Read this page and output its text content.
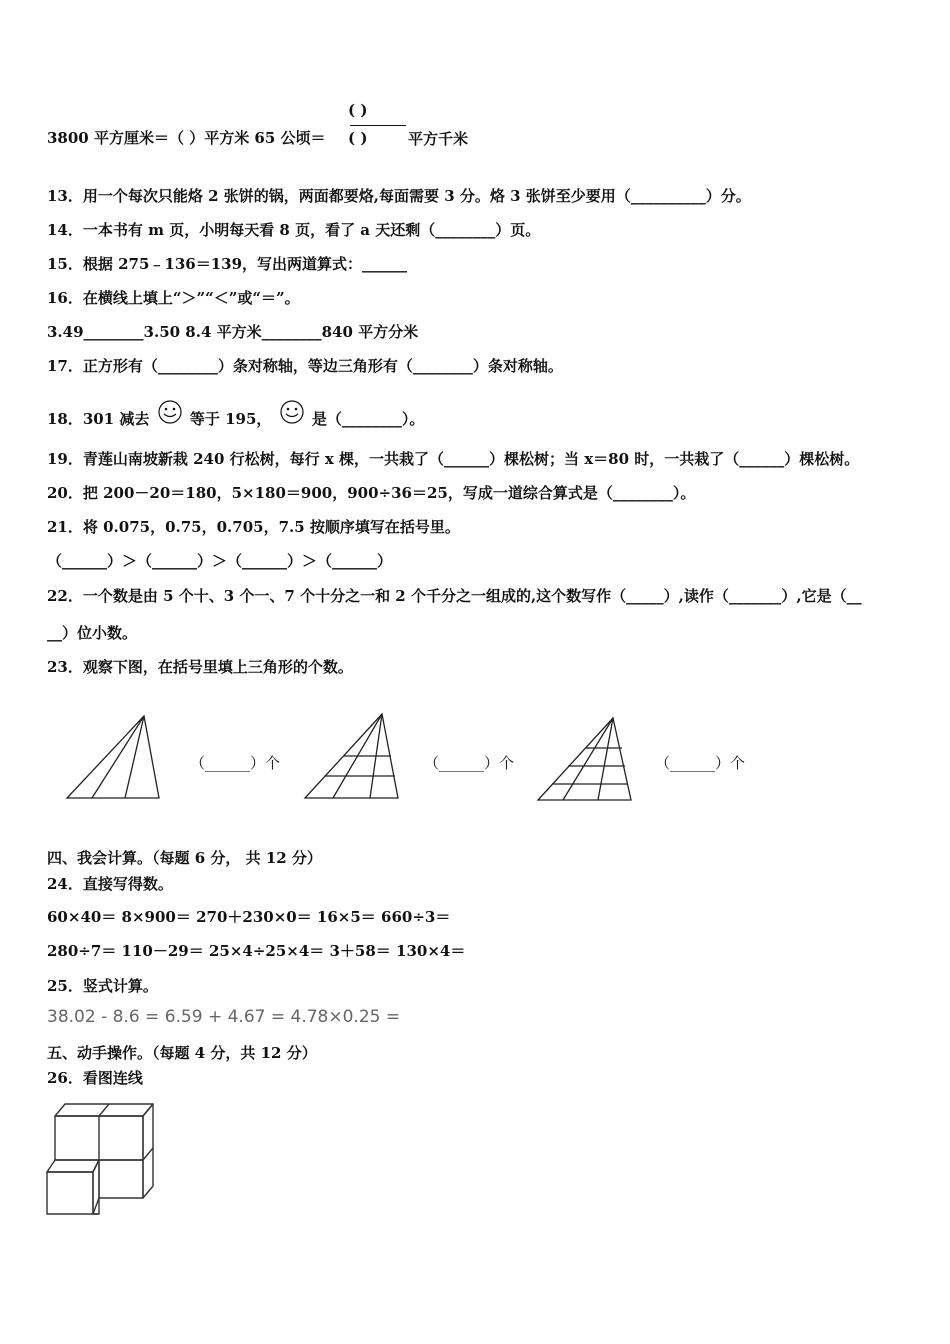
3800 平方厘米＝（ ）平方米 65 公顷＝
( )
( )	平方千米
13．用一个每次只能烙 2 张饼的锅，两面都要烙,每面需要 3 分。烙 3 张饼至少要用（__________）分。
14．一本书有 m 页，小明每天看 8 页，看了 a 天还剩（________）页。
15．根据 275﹣136＝139，写出两道算式：______
16．在横线上填上“＞”“＜”或“＝”。
3.49________3.50 8.4 平方米________840 平方分米
17．正方形有（________）条对称轴，等边三角形有（________）条对称轴。
18．301 减去	等于 195，	是（________）。
19．青莲山南坡新栽 240 行松树，每行 x 棵，一共栽了（______）棵松树；当 x＝80 时，一共栽了（______）棵松树。
20．把 200－20＝180，5×180＝900，900÷36＝25，写成一道综合算式是（________）。
21．将 0.075，0.75，0.705，7.5 按顺序填写在括号里。
（______）＞（______）＞（______）＞（______）
22．一个数是由 5 个十、3 个一、7 个十分之一和 2 个千分之一组成的,这个数写作（_____）,读作（_______）,它是（__
__）位小数。
23．观察下图，在括号里填上三角形的个数。
（______）个	（______）个	（______）个
四、我会计算。（每题 6 分， 共 12 分）
24．直接写得数。
60×40＝ 8×900＝ 270＋230×0＝ 16×5＝ 660÷3＝
280÷7＝ 110－29＝ 25×4÷25×4＝ 3＋58＝ 130×4＝
25．竖式计算。
38.02 - 8.6 = 6.59 + 4.67 = 4.78×0.25 =
五、动手操作。（每题 4 分，共 12 分）
26．看图连线
